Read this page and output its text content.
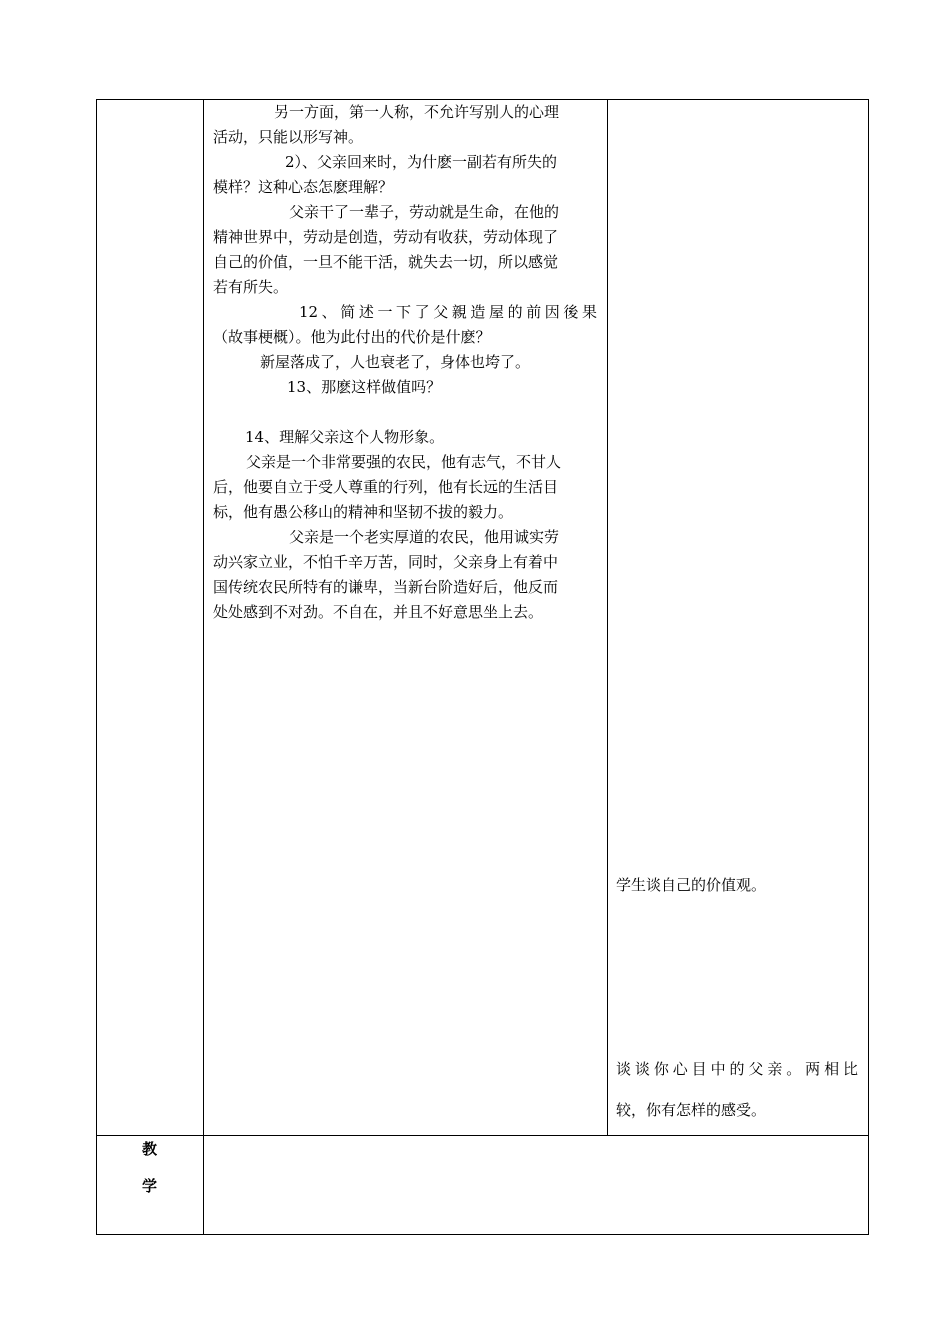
另一方面，第一人称，不允许写别人的心理
活动，只能以形写神。
2）、父亲回来时，为什麽一副若有所失的
模样？这种心态怎麽理解？
父亲干了一辈子，劳动就是生命，在他的
精神世界中，劳动是创造，劳动有收获，劳动体现了
自己的价值，一旦不能干活，就失去一切，所以感觉
若有所失。
12、简述一下了父親造屋的前因後果
（故事梗概）。他为此付出的代价是什麽？
新屋落成了，人也衰老了，身体也垮了。
13、那麽这样做值吗？
14、理解父亲这个人物形象。
父亲是一个非常要强的农民，他有志气，不甘人
后，他要自立于受人尊重的行列，他有长远的生活目
标，他有愚公移山的精神和坚韧不拔的毅力。
父亲是一个老实厚道的农民，他用诚实劳
动兴家立业，不怕千辛万苦，同时，父亲身上有着中
国传统农民所特有的谦卑，当新台阶造好后，他反而
处处感到不对劲。不自在，并且不好意思坐上去。
学生谈自己的价值观。
谈谈你心目中的父亲。两相比
较，你有怎样的感受。
教
学
